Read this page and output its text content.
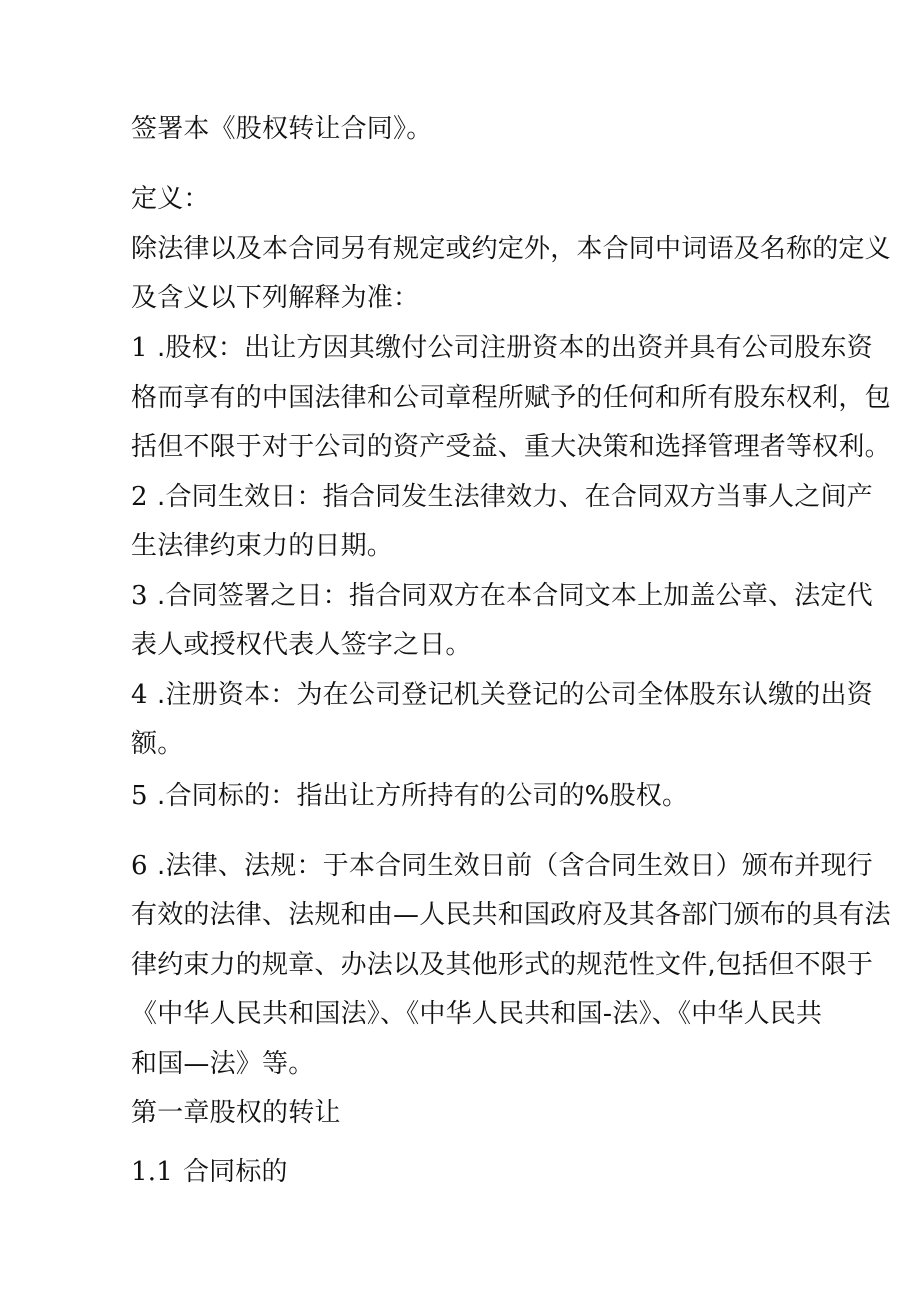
签署本《股权转让合同》。
定义：
除法律以及本合同另有规定或约定外，本合同中词语及名称的定义
及含义以下列解释为准：
1 .股权：出让方因其缴付公司注册资本的出资并具有公司股东资
格而享有的中国法律和公司章程所赋予的任何和所有股东权利，包
括但不限于对于公司的资产受益、重大决策和选择管理者等权利。
2 .合同生效日：指合同发生法律效力、在合同双方当事人之间产
生法律约束力的日期。
3 .合同签署之日：指合同双方在本合同文本上加盖公章、法定代
表人或授权代表人签字之日。
4 .注册资本：为在公司登记机关登记的公司全体股东认缴的出资
额。
5 .合同标的：指出让方所持有的公司的%股权。
6 .法律、法规：于本合同生效日前（含合同生效日）颁布并现行
有效的法律、法规和由—人民共和国政府及其各部门颁布的具有法
律约束力的规章、办法以及其他形式的规范性文件,包括但不限于
《中华人民共和国法》、《中华人民共和国-法》、《中华人民共
和国—法》等。
第一章股权的转让
1.1 合同标的
